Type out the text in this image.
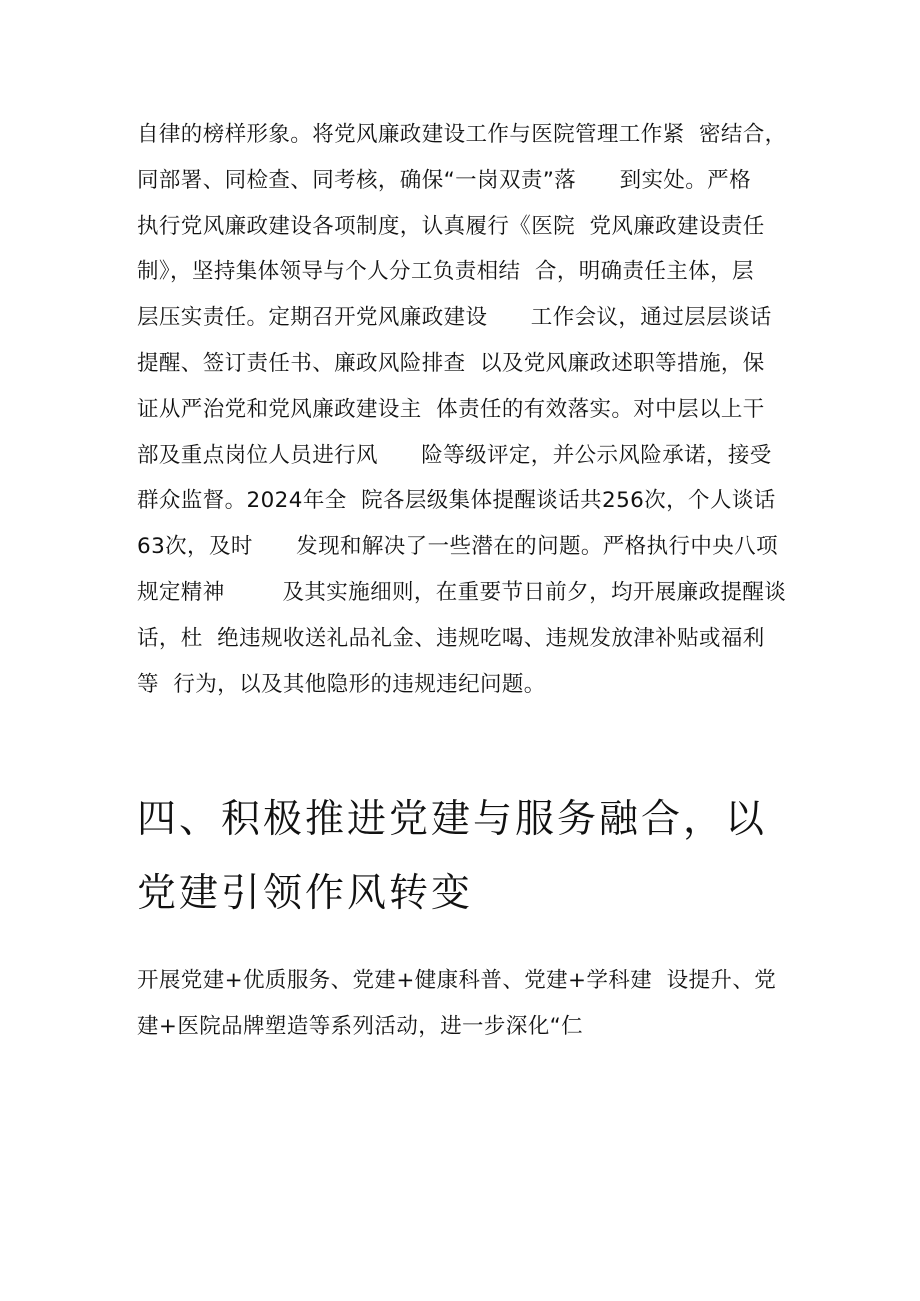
自律的榜样形象。将党风廉政建设工作与医院管理工作紧  密结合，
同部署、同检查、同考核，确保“一岗双责”落      到实处。严格
执行党风廉政建设各项制度，认真履行《医院  党风廉政建设责任
制》，坚持集体领导与个人分工负责相结  合，明确责任主体，层
层压实责任。定期召开党风廉政建设      工作会议，通过层层谈话
提醒、签订责任书、廉政风险排查  以及党风廉政述职等措施，保
证从严治党和党风廉政建设主  体责任的有效落实。对中层以上干
部及重点岗位人员进行风      险等级评定，并公示风险承诺，接受
群众监督。2024年全  院各层级集体提醒谈话共256次，个人谈话
63次，及时      发现和解决了一些潜在的问题。严格执行中央八项
规定精神        及其实施细则，在重要节日前夕，均开展廉政提醒谈
话，杜  绝违规收送礼品礼金、违规吃喝、违规发放津补贴或福利
等  行为，以及其他隐形的违规违纪问题。
四、积极推进党建与服务融合，以
党建引领作风转变
开展党建+优质服务、党建+健康科普、党建+学科建  设提升、党
建+医院品牌塑造等系列活动，进一步深化“仁
